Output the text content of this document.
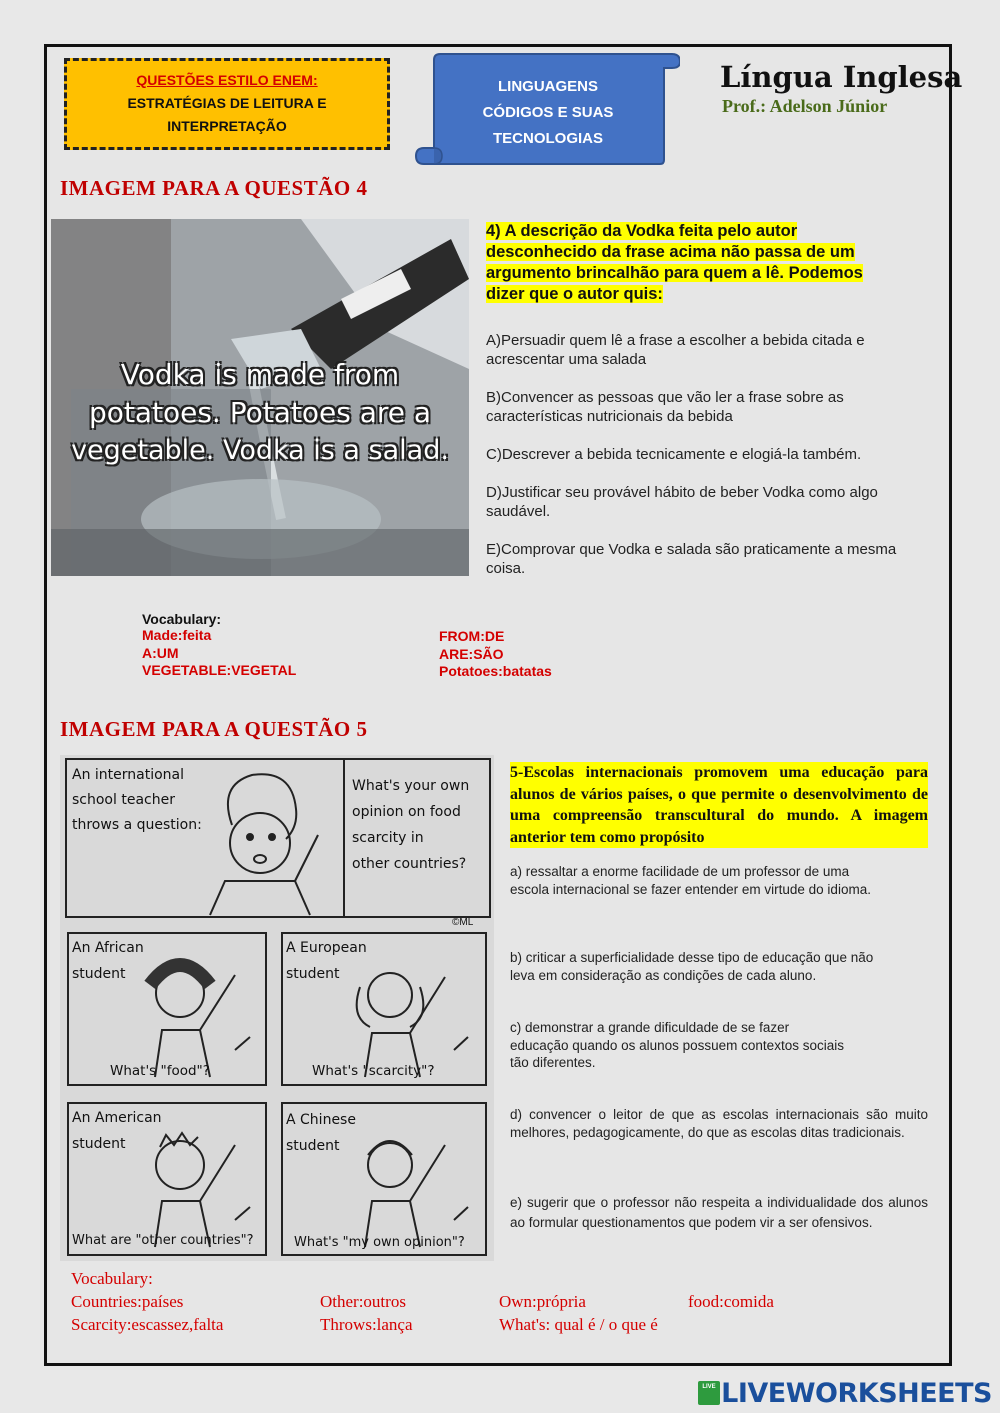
QUESTÕES ESTILO ENEM:
ESTRATÉGIAS DE LEITURA E
INTERPRETAÇÃO
LINGUAGENS
CÓDIGOS E SUAS
TECNOLOGIAS
Língua Inglesa
Prof.: Adelson Júnior
IMAGEM PARA A QUESTÃO 4
Vodka is made from
potatoes. Potatoes are a
vegetable. Vodka is a salad.
4) A descrição da Vodka feita pelo autor
desconhecido da frase acima não passa de um
argumento brincalhão para quem a lê. Podemos
dizer que o autor quis:

A)Persuadir quem lê a frase a escolher a bebida citada e acrescentar uma salada

B)Convencer as pessoas que vão ler a frase sobre as características nutricionais da bebida

C)Descrever a bebida tecnicamente e elogiá-la também.

D)Justificar seu provável hábito de beber Vodka como algo saudável.

E)Comprovar que Vodka e salada são praticamente a mesma coisa.

Vocabulary:
Made:feita
A:UM
VEGETABLE:VEGETAL
FROM:DE
ARE:SÃO
Potatoes:batatas
IMAGEM PARA A QUESTÃO 5
An international
school teacher
throws a question:
What's your own
opinion on food
scarcity in
other countries?
©ML
An African
student
What's "food"?
A European
student
What's "scarcity"?
An American
student
What are "other countries"?
A Chinese
student
What's "my own opinion"?
5-Escolas internacionais promovem uma educação para alunos de vários países, o que permite o desenvolvimento de uma compreensão transcultural do mundo. A imagem anterior tem como propósito
a) ressaltar a enorme facilidade de um professor de uma escola internacional se fazer entender em virtude do idioma.
b) criticar a superficialidade desse tipo de educação que não leva em consideração as condições de cada aluno.
c) demonstrar a grande dificuldade de se fazer educação quando os alunos possuem contextos sociais tão diferentes.
d) convencer o leitor de que as escolas internacionais são muito melhores, pedagogicamente, do que as escolas ditas tradicionais.
e) sugerir que o professor não respeita a individualidade dos alunos ao formular questionamentos que podem vir a ser ofensivos.
Vocabulary:
Countries:países	Other:outros	Own:própria	food:comida
Scarcity:escassez,falta	Throws:lança	What's: qual é / o que é
LIVE LIVEWORKSHEETS
